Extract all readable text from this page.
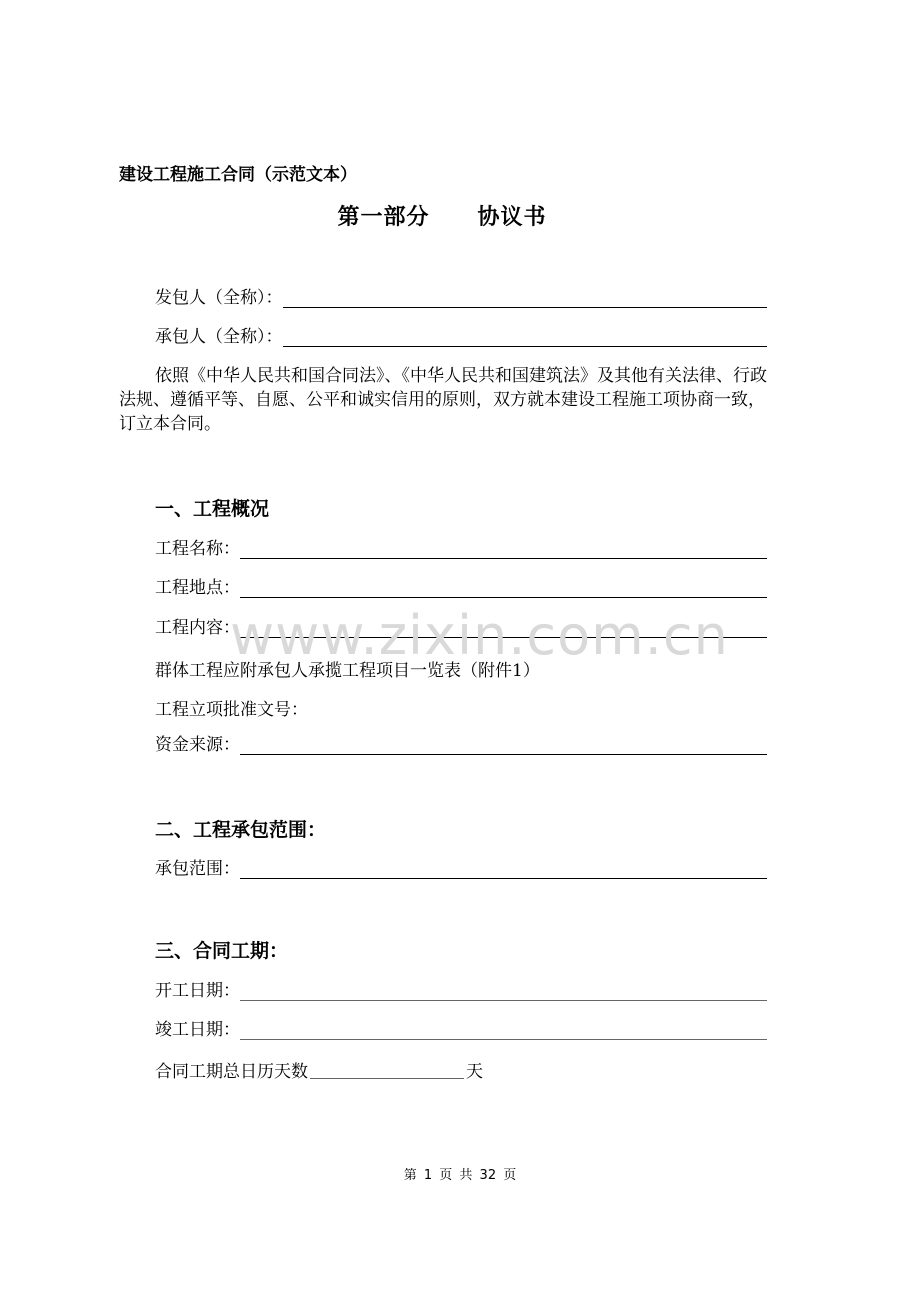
建设工程施工合同（示范文本）
第一部分 协议书
发包人（全称）：
承包人（全称）：
依照《中华人民共和国合同法》、《中华人民共和国建筑法》及其他有关法律、行政法规、遵循平等、自愿、公平和诚实信用的原则，双方就本建设工程施工项协商一致，订立本合同。
一、工程概况
工程名称：
工程地点：
工程内容：
群体工程应附承包人承揽工程项目一览表（附件1）
工程立项批准文号：
资金来源：
二、工程承包范围：
承包范围：
三、合同工期：
开工日期：
竣工日期：
合同工期总日历天数	天
www.zixin.com.cn
第 1 页 共 32 页
